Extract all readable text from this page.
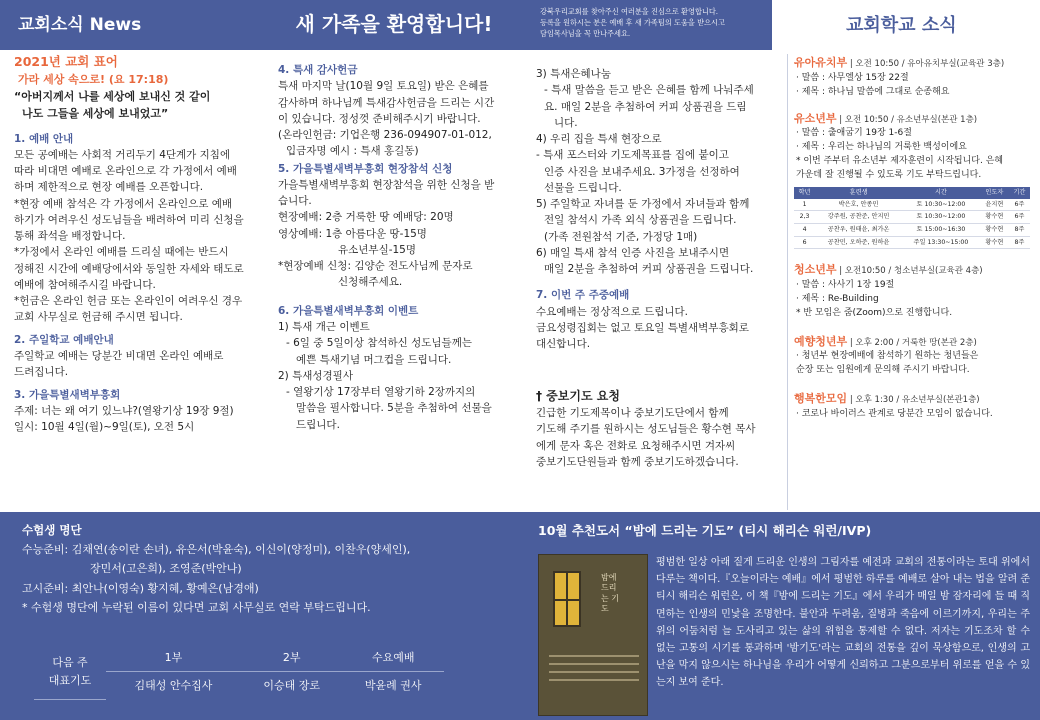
교회소식 News	새 가족을 환영합니다!
강북우리교회를 찾아주신 여러분을 진심으로 환영합니다.
등록을 원하시는 분은 예배 후 새 가족팀의 도움을 받으시고
담임목사님을 꼭 만나주세요.	교회학교 소식
2021년 교회 표어
가라 세상 속으로! (요 17:18)
“아버지께서 나를 세상에 보내신 것 같이
나도 그들을 세상에 보내었고”
1. 예배 안내
모든 공예배는 사회적 거리두기 4단계가 지침에
따라 비대면 예배로 온라인으로 각 가정에서 예배
하며 제한적으로 현장 예배를 오픈합니다.
*현장 예배 참석은 각 가정에서 온라인으로 예배
하기가 여려우신 성도님들을 배려하여 미리 신청을
통해 좌석을 배정합니다.
*가정에서 온라인 예배를 드리실 때에는 반드시
정해진 시간에 예배당에서와 동일한 자세와 태도로
예배에 참여해주시길 바랍니다.
*헌금은 온라인 헌금 또는 온라인이 여려우신 경우
교회 사무실로 헌금해 주시면 됩니다.
2. 주일학교 예배안내
주일학교 예배는 당분간 비대면 온라인 예배로
드려집니다.
3. 가을특별새벽부흥회
주제: 너는 왜 여기 있느냐?(열왕기상 19장 9절)
일시: 10월 4일(월)~9일(토), 오전 5시
4. 특새 감사헌금
특새 마지막 날(10월 9일 토요일) 받은 은혜를
감사하며 하나님께 특새감사헌금을 드리는 시간
이 있습니다. 정성껏 준비해주시기 바랍니다.
(온라인헌금: 기업은행 236-094907-01-012,
입금자명 예시 : 특새 홍길동)
5. 가을특별새벽부흥회 현장참석 신청
가을특별새벽부흥회 현장참석을 위한 신청을 받
습니다.
현장예배: 2층 거룩한 땅 예배당: 20명
영상예배: 1층 아름다운 땅-15명
유소년부실-15명
*현장예배 신청: 김양순 전도사님께 문자로
신청해주세요.
6. 가을특별새벽부흥회 이벤트
1) 특새 개근 이벤트
- 6일 중 5일이상 참석하신 성도님들께는
예쁜 특새기념 머그컵을 드립니다.
2) 특새성경필사
- 열왕기상 17장부터 열왕기하 2장까지의
말씀을 필사합니다. 5분을 추첨하여 선물을
드립니다.
3) 특새은혜나눔
- 특새 말씀을 듣고 받은 은혜를 함께 나눠주세
요. 매일 2분을 추첨하여 커피 상품권을 드림
니다.
4) 우리 집을 특새 현장으로
- 특새 포스터와 기도제목표를 집에 붙이고
인증 사진을 보내주세요. 3가정을 선정하여
선물을 드립니다.
5) 주일학교 자녀를 둔 가정에서 자녀들과 함께
전일 참석시 가족 외식 상품권을 드립니다.
(가족 전원참석 기준, 가정당 1매)
6) 매일 특새 참석 인증 사진을 보내주시면
매일 2분을 추첨하여 커피 상품권을 드립니다.
7. 이번 주 주중예배
수요예배는 정상적으로 드립니다.
금요성령집회는 없고 토요일 특별새벽부흥회로
대신합니다.
† 중보기도 요청
긴급한 기도제목이나 중보기도단에서 함께
기도해 주기를 원하시는 성도님들은 황수현 목사
에게 문자 혹은 전화로 요청해주시면 겨자씨
중보기도단원들과 함께 중보기도하겠습니다.
유아유치부 | 오전 10:50 / 유아유치부실(교육관 3층)
· 말씀 : 사무엘상 15장 22절
· 제목 : 하나님 말씀에 그대로 순종해요
유소년부 | 오전 10:50 / 유소년부실(본관 1층)
· 말씀 : 출애굽기 19장 1-6절
· 제목 : 우리는 하나님의 거룩한 백성이에요
* 이번 주부터 유소년부 제자훈련이 시작됩니다. 은혜
가운데 잘 진행될 수 있도록 기도 부탁드립니다.
학년	훈련생	시간	인도자	기간
1	박은호, 안종민	토 10:30~12:00	윤지현	6주
2,3	강주원, 공찬준, 안지민	토 10:30~12:00	황수현	6주
4	공찬우, 원태윤, 최가온	토 15:00~16:30	황수현	8주
6	공찬민, 오하준, 원하윤	주일 13:30~15:00	황수현	8주
청소년부 | 오전10:50 / 청소년부실(교육관 4층)
· 말씀 : 사사기 1장 19절
· 제목 : Re-Building
* 반 모임은 줌(Zoom)으로 진행합니다.
예향청년부 | 오후 2:00 / 거룩한 땅(본관 2층)
· 청년부 현장예배에 참석하기 원하는 청년들은
순장 또는 임원에게 문의해 주시기 바랍니다.
행복한모임 | 오후 1:30 / 유소년부실(본관1층)
· 코로나 바이러스 관계로 당분간 모임이 없습니다.
수험생 명단
수능준비: 김채연(송이란 손녀), 유은서(박윤숙), 이신이(양정미), 이찬우(양세인),
장민서(고은희), 조영준(박안나)
고시준비: 최안나(이영숙) 황지혜, 황예은(남경애)
* 수험생 명단에 누락된 이름이 있다면 교회 사무실로 연락 부탁드립니다.
다음 주
대표기도	1부	2부	수요예배
	김태성 안수집사	이승태 장로	박윤례 권사
10월 추천도서 “밤에 드리는 기도” (티시 해리슨 워런/IVP)
밤에 드리는 기도
평범한 일상 아래 짙게 드리운 인생의 그림자를 예전과 교회의 전통이라는 토대 위에서 다루는 책이다.『오늘이라는 예배』에서 평범한 하루를 예배로 살아 내는 법을 알려 준 티시 해리슨 워런은, 이 책『밤에 드리는 기도』에서 우리가 매일 밤 잠자리에 들 때 직면하는 인생의 민낯을 조명한다. 불안과 두려움, 질병과 죽음에 이르기까지, 우리는 주위의 어둠처럼 늘 도사리고 있는 삶의 위험을 통제할 수 없다. 저자는 기도조차 할 수 없는 고통의 시기를 통과하며 '밤기도'라는 교회의 전통을 깊이 묵상함으로, 인생의 고난을 막지 않으시는 하나님을 우리가 어떻게 신뢰하고 그분으로부터 위로를 얻을 수 있는지 보여 준다.
